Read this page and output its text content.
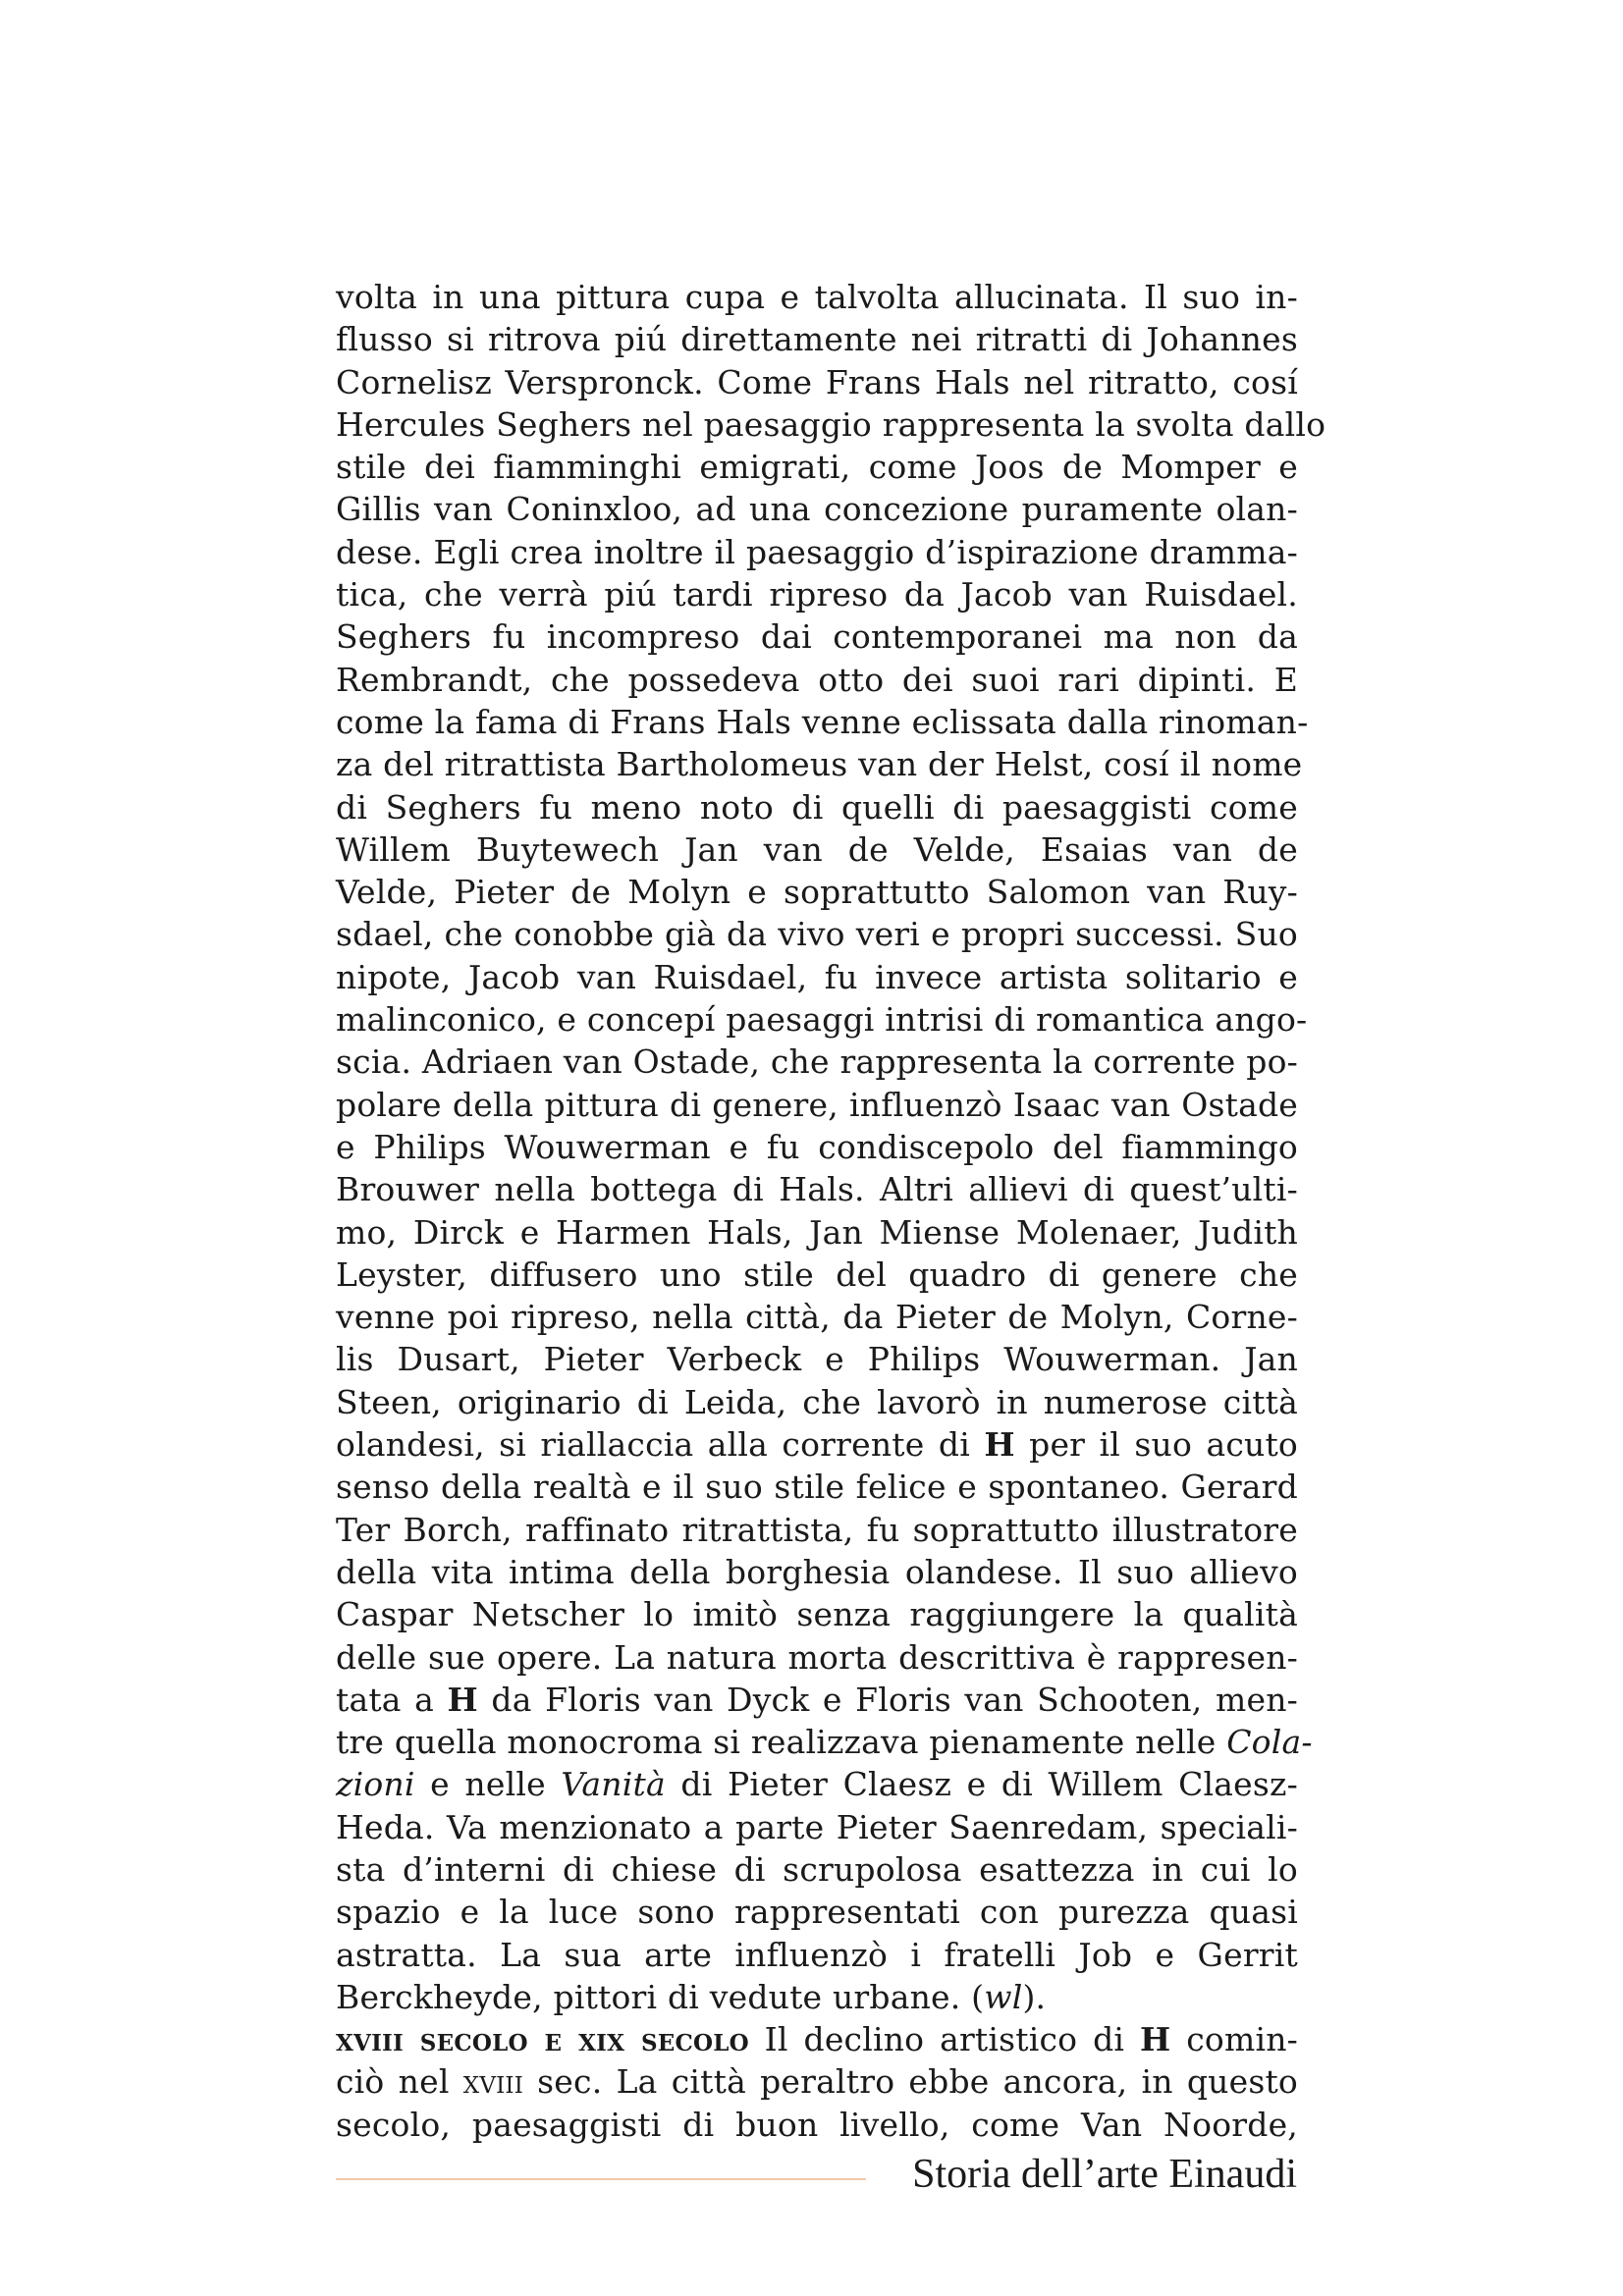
volta in una pittura cupa e talvolta allucinata. Il suo in-
flusso si ritrova piú direttamente nei ritratti di Johannes
Cornelisz Verspronck. Come Frans Hals nel ritratto, cosí
Hercules Seghers nel paesaggio rappresenta la svolta dallo
stile dei fiamminghi emigrati, come Joos de Momper e
Gillis van Coninxloo, ad una concezione puramente olan-
dese. Egli crea inoltre il paesaggio d’ispirazione dramma-
tica, che verrà piú tardi ripreso da Jacob van Ruisdael.
Seghers fu incompreso dai contemporanei ma non da
Rembrandt, che possedeva otto dei suoi rari dipinti. E
come la fama di Frans Hals venne eclissata dalla rinoman-
za del ritrattista Bartholomeus van der Helst, cosí il nome
di Seghers fu meno noto di quelli di paesaggisti come
Willem Buytewech Jan van de Velde, Esaias van de
Velde, Pieter de Molyn e soprattutto Salomon van Ruy-
sdael, che conobbe già da vivo veri e propri successi. Suo
nipote, Jacob van Ruisdael, fu invece artista solitario e
malinconico, e concepí paesaggi intrisi di romantica ango-
scia. Adriaen van Ostade, che rappresenta la corrente po-
polare della pittura di genere, influenzò Isaac van Ostade
e Philips Wouwerman e fu condiscepolo del fiammingo
Brouwer nella bottega di Hals. Altri allievi di quest’ulti-
mo, Dirck e Harmen Hals, Jan Miense Molenaer, Judith
Leyster, diffusero uno stile del quadro di genere che
venne poi ripreso, nella città, da Pieter de Molyn, Corne-
lis Dusart, Pieter Verbeck e Philips Wouwerman. Jan
Steen, originario di Leida, che lavorò in numerose città
olandesi, si riallaccia alla corrente di H per il suo acuto
senso della realtà e il suo stile felice e spontaneo. Gerard
Ter Borch, raffinato ritrattista, fu soprattutto illustratore
della vita intima della borghesia olandese. Il suo allievo
Caspar Netscher lo imitò senza raggiungere la qualità
delle sue opere. La natura morta descrittiva è rappresen-
tata a H da Floris van Dyck e Floris van Schooten, men-
tre quella monocroma si realizzava pienamente nelle Cola-
zioni e nelle Vanità di Pieter Claesz e di Willem Claesz-
Heda. Va menzionato a parte Pieter Saenredam, speciali-
sta d’interni di chiese di scrupolosa esattezza in cui lo
spazio e la luce sono rappresentati con purezza quasi
astratta. La sua arte influenzò i fratelli Job e Gerrit
Berckheyde, pittori di vedute urbane. (wl).
xviii secolo e xix secolo Il declino artistico di H comin-
ciò nel xviii sec. La città peraltro ebbe ancora, in questo
secolo, paesaggisti di buon livello, come Van Noorde,
Storia dell’arte Einaudi
